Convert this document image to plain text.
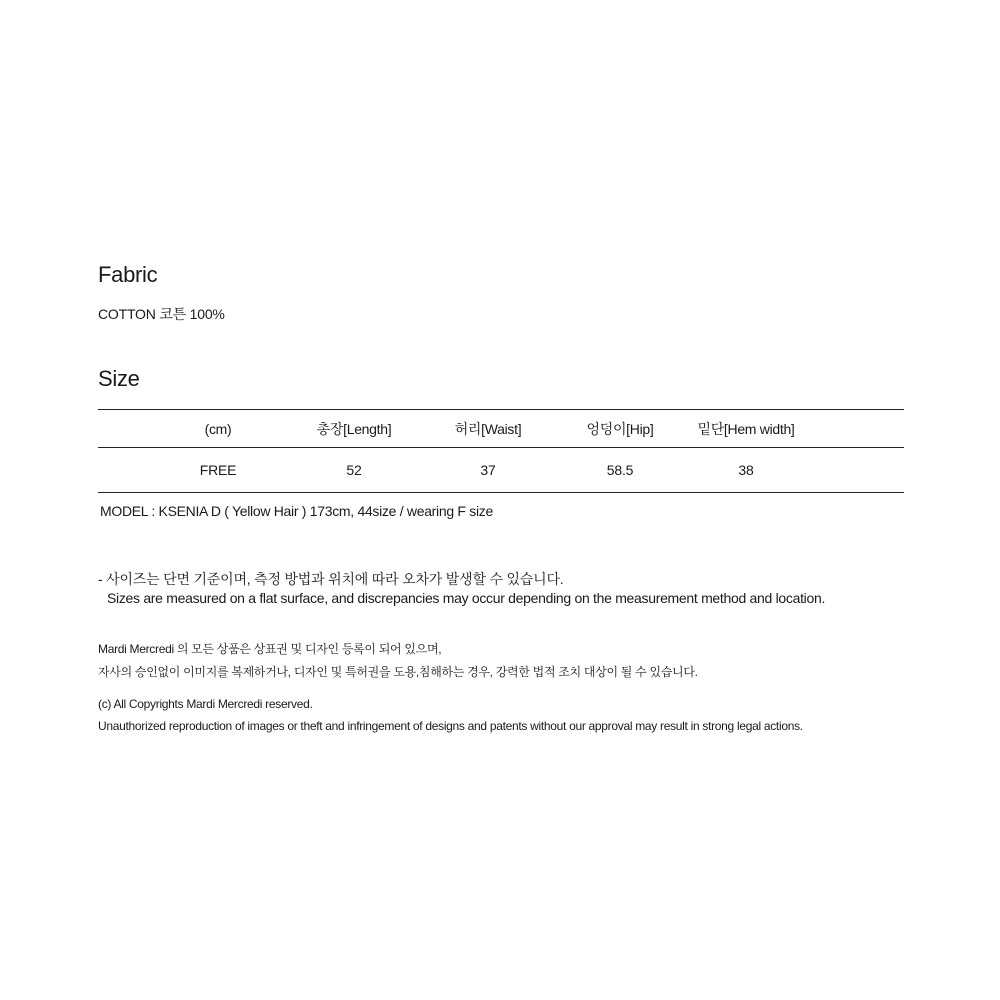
Fabric

COTTON 코튼 100%

Size
	(cm)	총장[Length]	허리[Waist]	엉덩이[Hip]	밑단[Hem width]
	FREE	52	37	58.5	38

MODEL : KSENIA D ( Yellow Hair ) 173cm, 44size / wearing F size

- 사이즈는 단면 기준이며, 측정 방법과 위치에 따라 오차가 발생할 수 있습니다.

Sizes are measured on a flat surface, and discrepancies may occur depending on the measurement method and location.

Mardi Mercredi 의 모든 상품은 상표권 및 디자인 등록이 되어 있으며,

자사의 승인없이 이미지를 복제하거나, 디자인 및 특허권을 도용,침해하는 경우, 강력한 법적 조치 대상이 될 수 있습니다.

(c) All Copyrights Mardi Mercredi reserved.

Unauthorized reproduction of images or theft and infringement of designs and patents without our approval may result in strong legal actions.
